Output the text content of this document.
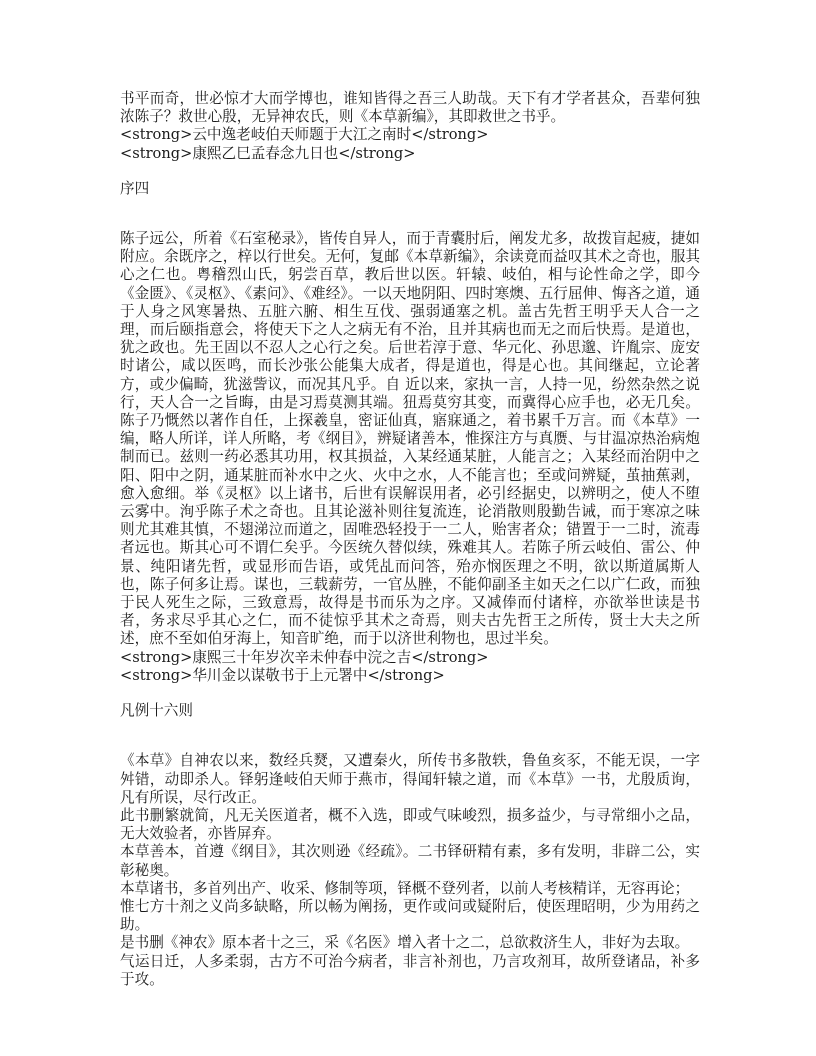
书平而奇，世必惊才大而学博也，谁知皆得之吾三人助哉。天下有才学者甚众，吾辈何独浓陈子？救世心殷，无异神农氏，则《本草新编》，其即救世之书乎。

<strong>云中逸老岐伯天师题于大江之南时</strong>

<strong>康熙乙巳孟春念九日也</strong>

序四

陈子远公，所着《石室秘录》，皆传自异人，而于青囊肘后，阐发尤多，故拨盲起疲，捷如附应。余既序之，梓以行世矣。无何，复邮《本草新编》，余读竟而益叹其术之奇也，服其心之仁也。粤稽烈山氏，躬尝百草，教后世以医。轩辕、岐伯，相与论性命之学，即今《金匮》、《灵枢》、《素问》、《难经》。一以天地阴阳、四时寒燠、五行屈伸、悔吝之道，通于人身之风寒暑热、五脏六腑、相生互伐、强弱通塞之机。盖古先哲王明乎天人合一之理，而后颐指意会，将使天下之人之病无有不治，且并其病也而无之而后快焉。是道也，犹之政也。先王固以不忍人之心行之矣。后世若淳于意、华元化、孙思邈、许胤宗、庞安时诸公，咸以医鸣，而长沙张公能集大成者，得是道也，得是心也。其间继起，立论著方，或少偏畸，犹滋訾议，而况其凡乎。自 近以来，家执一言，人持一见，纷然杂然之说行，天人合一之旨晦，由是习焉莫测其端。狃焉莫穷其变，而冀得心应手也，必无几矣。陈子乃慨然以著作自任，上探羲皇，密证仙真，寤寐通之，着书累千万言。而《本草》一编，略人所详，详人所略，考《纲目》，辨疑诸善本，惟探注方与真赝、与甘温凉热治病炮制而已。兹则一药必悉其功用，权其损益，入某经通某脏，人能言之；入某经而治阴中之阳、阳中之阴，通某脏而补水中之火、火中之水，人不能言也；至或问辨疑，茧抽蕉剥，愈入愈细。举《灵枢》以上诸书，后世有误解误用者，必引经据史，以辨明之，使人不堕云雾中。洵乎陈子术之奇也。且其论滋补则往复流连，论消散则殷勤告诫，而于寒凉之味则尤其难其慎，不翅涕泣而道之，固唯恐轻投于一二人，贻害者众；错置于一二时，流毒者远也。斯其心可不谓仁矣乎。今医统久替似续，殊难其人。若陈子所云岐伯、雷公、仲景、纯阳诸先哲，或显形而告语，或凭乩而问答，殆亦悯医理之不明，欲以斯道属斯人也，陈子何多让焉。谋也，三载薪劳，一官丛脞，不能仰副圣主如天之仁以广仁政，而独于民人死生之际，三致意焉，故得是书而乐为之序。又减俸而付诸梓，亦欲举世读是书者，务求尽乎其心之仁，而不徒惊乎其术之奇焉，则夫古先哲王之所传，贤士大夫之所述，庶不至如伯牙海上，知音旷绝，而于以济世利物也，思过半矣。

<strong>康熙三十年岁次辛未仲春中浣之吉</strong>

<strong>华川金以谋敬书于上元署中</strong>

凡例十六则

《本草》自神农以来，数经兵燹，又遭秦火，所传书多散轶，鲁鱼亥豕，不能无误，一字舛错，动即杀人。铎躬逢岐伯天师于燕市，得闻轩辕之道，而《本草》一书，尤殷质询，凡有所误，尽行改正。

此书删繁就简，凡无关医道者，概不入选，即或气味峻烈，损多益少，与寻常细小之品，无大效验者，亦皆屏弃。

本草善本，首遵《纲目》，其次则逊《经疏》。二书铎研精有素，多有发明，非辟二公，实彰秘奥。

本草诸书，多首列出产、收采、修制等项，铎概不登列者，以前人考核精详，无容再论；

惟七方十剂之义尚多缺略，所以畅为阐扬，更作或问或疑附后，使医理昭明，少为用药之助。

是书删《神农》原本者十之三，采《名医》增入者十之二，总欲救济生人，非好为去取。

气运日迁，人多柔弱，古方不可治今病者，非言补剂也，乃言攻剂耳，故所登诸品，补多于攻。
